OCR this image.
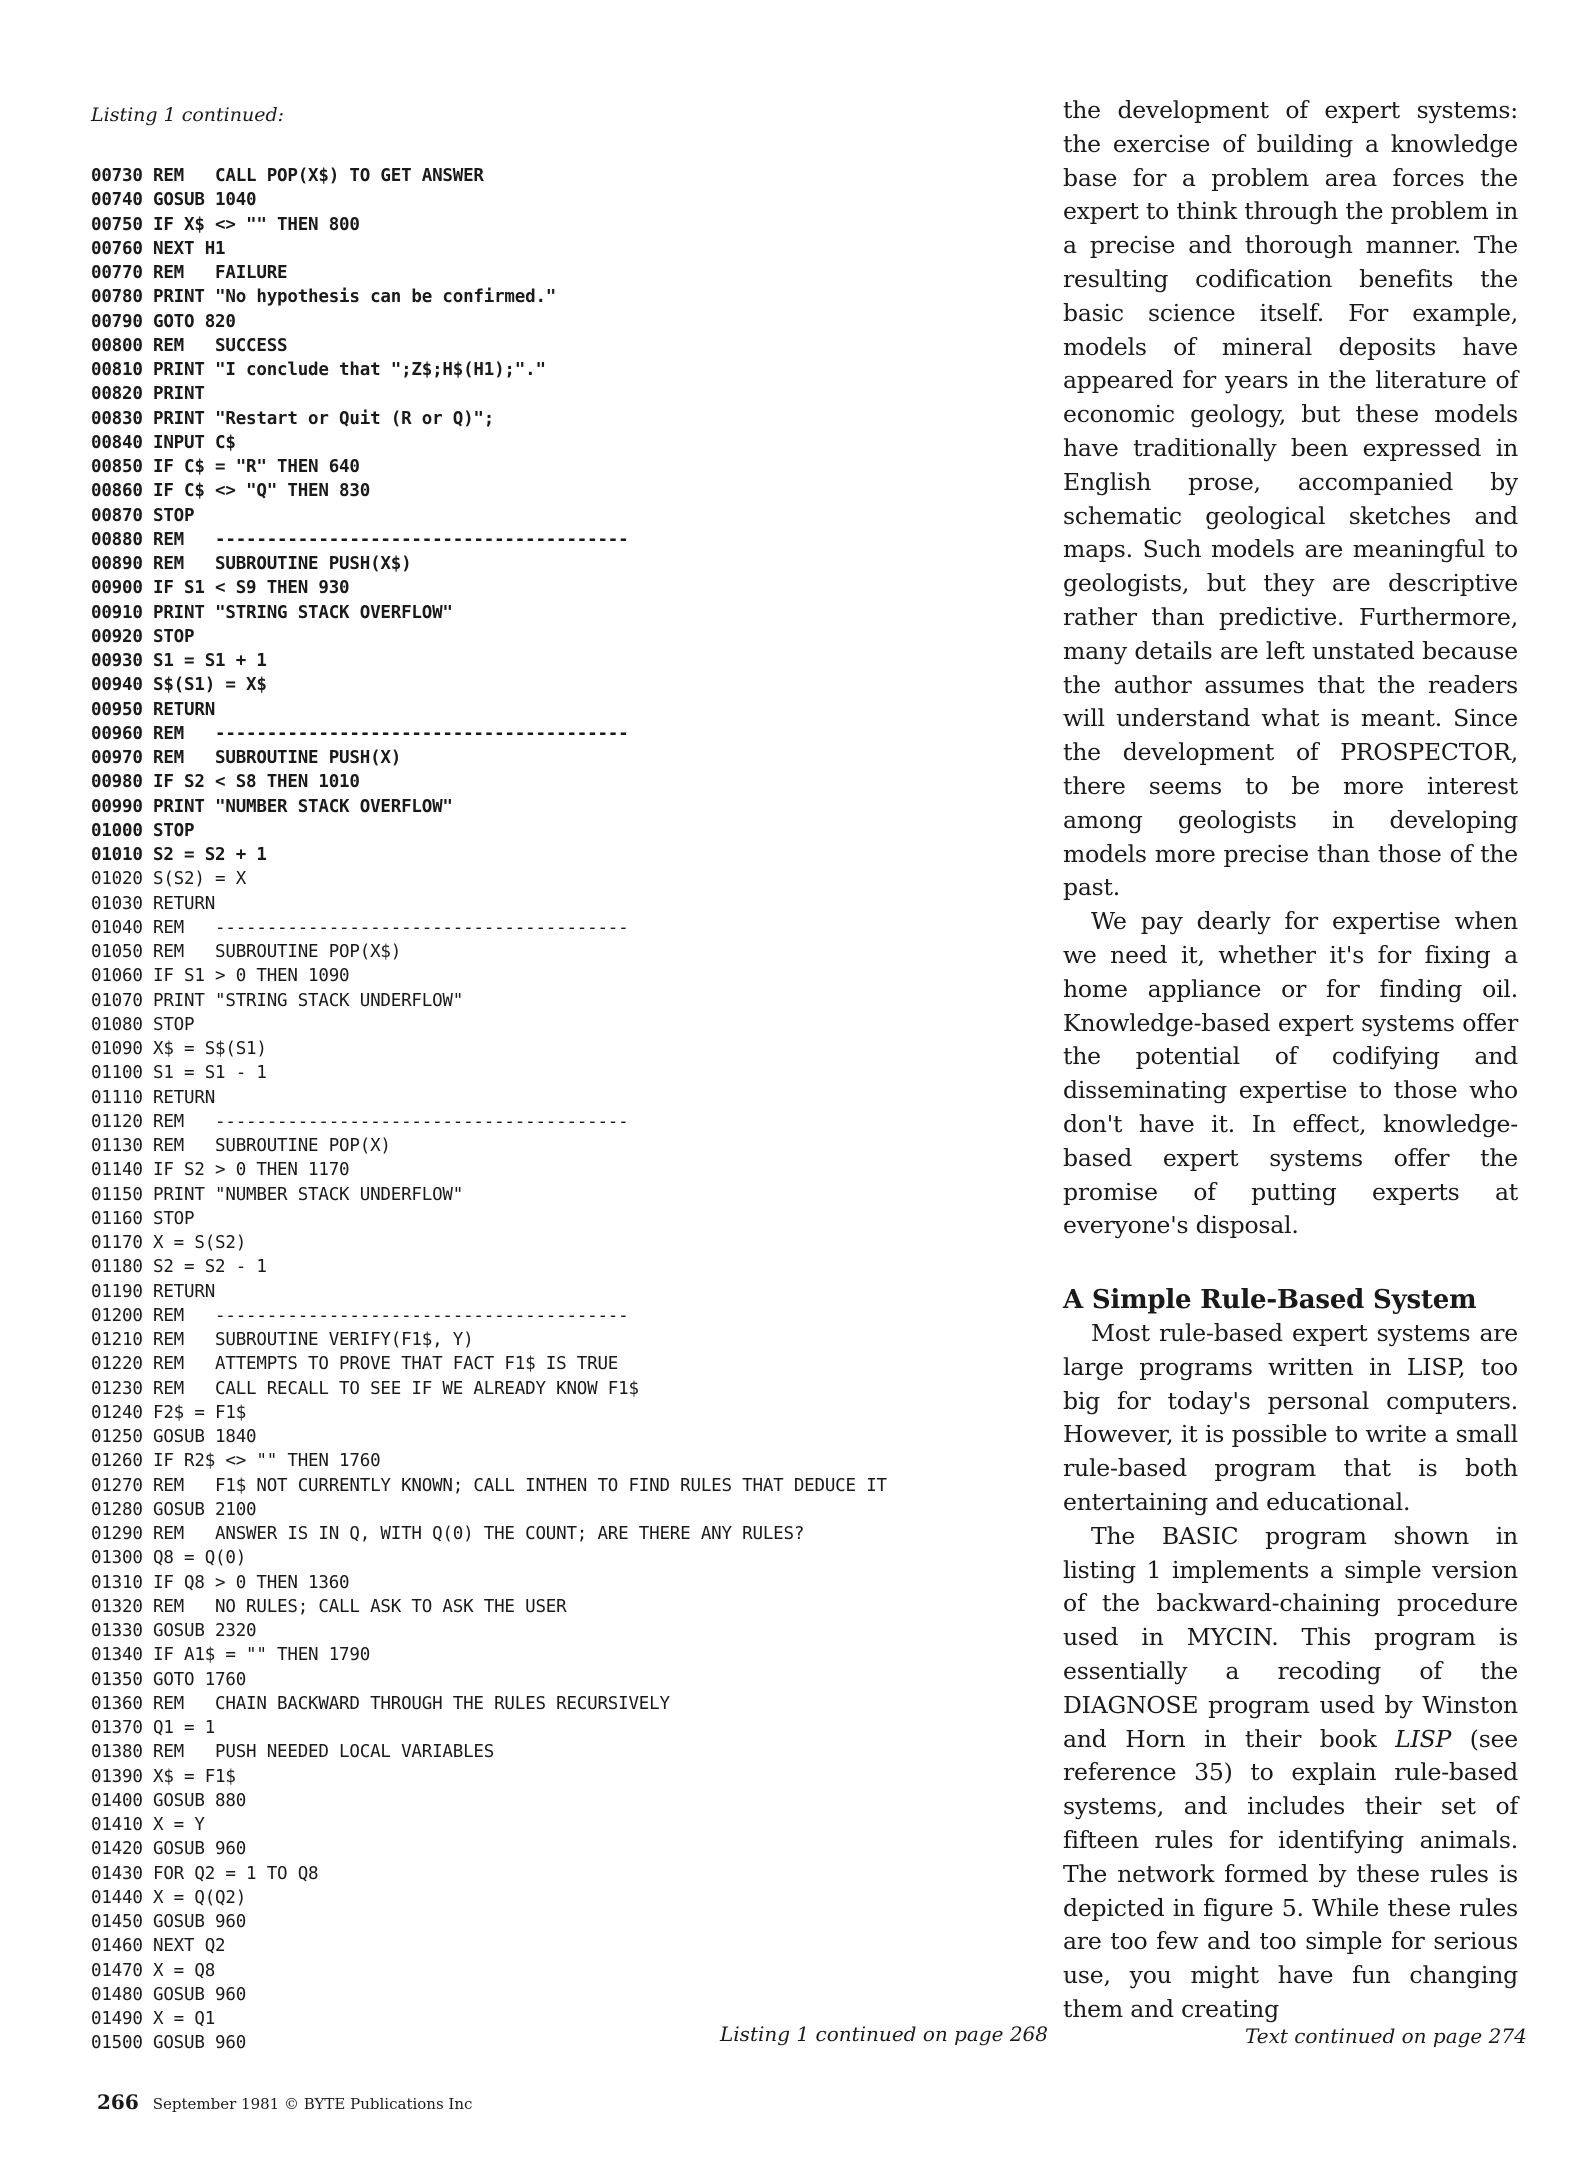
Listing 1 continued:
00730 REM   CALL POP(X$) TO GET ANSWER
00740 GOSUB 1040
00750 IF X$ <> "" THEN 800
00760 NEXT H1
00770 REM   FAILURE
00780 PRINT "No hypothesis can be confirmed."
00790 GOTO 820
00800 REM   SUCCESS
00810 PRINT "I conclude that ";Z$;H$(H1);"."
00820 PRINT
00830 PRINT "Restart or Quit (R or Q)";
00840 INPUT C$
00850 IF C$ = "R" THEN 640
00860 IF C$ <> "Q" THEN 830
00870 STOP
00880 REM   ----------------------------------------
00890 REM   SUBROUTINE PUSH(X$)
00900 IF S1 < S9 THEN 930
00910 PRINT "STRING STACK OVERFLOW"
00920 STOP
00930 S1 = S1 + 1
00940 S$(S1) = X$
00950 RETURN
00960 REM   ----------------------------------------
00970 REM   SUBROUTINE PUSH(X)
00980 IF S2 < S8 THEN 1010
00990 PRINT "NUMBER STACK OVERFLOW"
01000 STOP
01010 S2 = S2 + 1
01020 S(S2) = X
01030 RETURN
01040 REM   ----------------------------------------
01050 REM   SUBROUTINE POP(X$)
01060 IF S1 > 0 THEN 1090
01070 PRINT "STRING STACK UNDERFLOW"
01080 STOP
01090 X$ = S$(S1)
01100 S1 = S1 - 1
01110 RETURN
01120 REM   ----------------------------------------
01130 REM   SUBROUTINE POP(X)
01140 IF S2 > 0 THEN 1170
01150 PRINT "NUMBER STACK UNDERFLOW"
01160 STOP
01170 X = S(S2)
01180 S2 = S2 - 1
01190 RETURN
01200 REM   ----------------------------------------
01210 REM   SUBROUTINE VERIFY(F1$, Y)
01220 REM   ATTEMPTS TO PROVE THAT FACT F1$ IS TRUE
01230 REM   CALL RECALL TO SEE IF WE ALREADY KNOW F1$
01240 F2$ = F1$
01250 GOSUB 1840
01260 IF R2$ <> "" THEN 1760
01270 REM   F1$ NOT CURRENTLY KNOWN; CALL INTHEN TO FIND RULES THAT DEDUCE IT
01280 GOSUB 2100
01290 REM   ANSWER IS IN Q, WITH Q(0) THE COUNT; ARE THERE ANY RULES?
01300 Q8 = Q(0)
01310 IF Q8 > 0 THEN 1360
01320 REM   NO RULES; CALL ASK TO ASK THE USER
01330 GOSUB 2320
01340 IF A1$ = "" THEN 1790
01350 GOTO 1760
01360 REM   CHAIN BACKWARD THROUGH THE RULES RECURSIVELY
01370 Q1 = 1
01380 REM   PUSH NEEDED LOCAL VARIABLES
01390 X$ = F1$
01400 GOSUB 880
01410 X = Y
01420 GOSUB 960
01430 FOR Q2 = 1 TO Q8
01440 X = Q(Q2)
01450 GOSUB 960
01460 NEXT Q2
01470 X = Q8
01480 GOSUB 960
01490 X = Q1
01500 GOSUB 960	Listing 1 continued on page 268

the development of expert systems: the exercise of building a knowledge base for a problem area forces the expert to think through the problem in a precise and thorough manner. The resulting codification benefits the basic science itself. For example, models of mineral deposits have appeared for years in the literature of economic geology, but these models have traditionally been expressed in English prose, accompanied by schematic geological sketches and maps. Such models are meaningful to geologists, but they are descriptive rather than predictive. Furthermore, many details are left unstated because the author assumes that the readers will understand what is meant. Since the development of PROSPECTOR, there seems to be more interest among geologists in developing models more precise than those of the past.

We pay dearly for expertise when we need it, whether it's for fixing a home appliance or for finding oil. Knowledge-based expert systems offer the potential of codifying and disseminating expertise to those who don't have it. In effect, knowledge-based expert systems offer the promise of putting experts at everyone's disposal.

A Simple Rule-Based System

Most rule-based expert systems are large programs written in LISP, too big for today's personal computers. However, it is possible to write a small rule-based program that is both entertaining and educational.

The BASIC program shown in listing 1 implements a simple version of the backward-chaining procedure used in MYCIN. This program is essentially a recoding of the DIAGNOSE program used by Winston and Horn in their book LISP (see reference 35) to explain rule-based systems, and includes their set of fifteen rules for identifying animals. The network formed by these rules is depicted in figure 5. While these rules are too few and too simple for serious use, you might have fun changing them and creating

Text continued on page 274
266 September 1981 © BYTE Publications Inc
